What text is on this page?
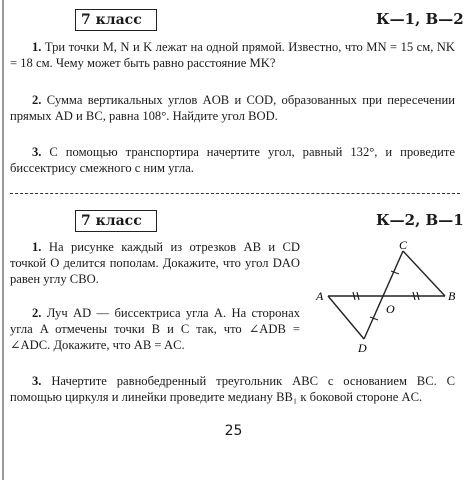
7 класс	К—1, В—2
1. Три точки M, N и K лежат на одной прямой. Известно, что MN = 15 см, NK = 18 см. Чему может быть равно расстояние MK?
2. Сумма вертикальных углов AOB и COD, образованных при пересечении прямых AD и BC, равна 108°. Найдите угол BOD.
3. С помощью транспортира начертите угол, равный 132°, и проведите биссектрису смежного с ним угла.
7 класс	К—2, В—1
1. На рисунке каждый из отрезков AB и CD точкой O делится пополам. Докажите, что угол DAO равен углу CBO.
2. Луч AD — биссектриса угла A. На сторонах угла A отмечены точки B и C так, что ∠ADB = ∠ADC. Докажите, что AB = AC.
C
A	B
O
D
3. Начертите равнобедренный треугольник ABC с основанием BC. С помощью циркуля и линейки проведите медиану BB₁ к боковой стороне AC.
25
